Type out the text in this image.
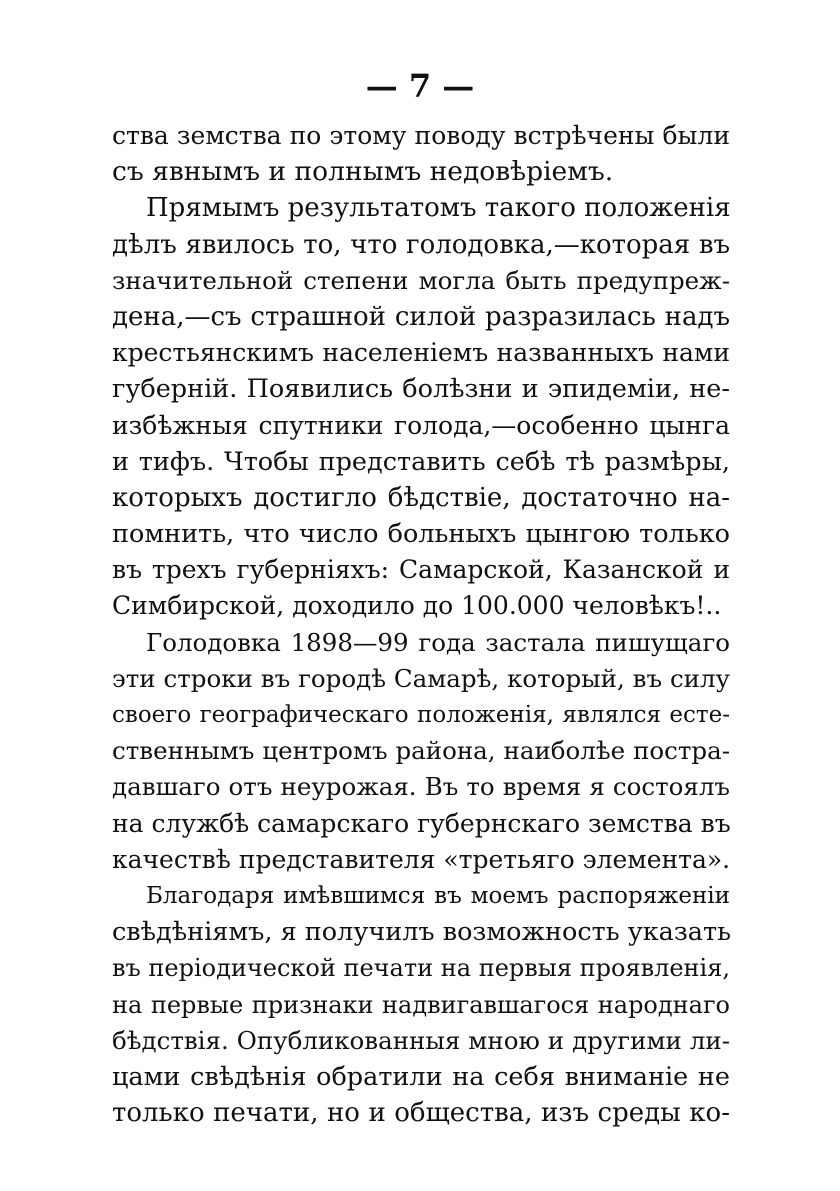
— 7 —
ства земства по этому поводу встрѣчены были
съ явнымъ и полнымъ недовѣріемъ.
Прямымъ результатомъ такого положенія
дѣлъ явилось то, что голодовка,—которая въ
значительной степени могла быть предупреж-
дена,—съ страшной силой разразилась надъ
крестьянскимъ населеніемъ названныхъ нами
губерній. Появились болѣзни и эпидеміи, не-
избѣжныя спутники голода,—особенно цынга
и тифъ. Чтобы представить себѣ тѣ размѣры,
которыхъ достигло бѣдствіе, достаточно на-
помнить, что число больныхъ цынгою только
въ трехъ губерніяхъ: Самарской, Казанской и
Симбирской, доходило до 100.000 человѣкъ!..
Голодовка 1898—99 года застала пишущаго
эти строки въ городѣ Самарѣ, который, въ силу
своего географическаго положенія, являлся есте-
ственнымъ центромъ района, наиболѣе постра-
давшаго отъ неурожая. Въ то время я состоялъ
на службѣ самарскаго губернскаго земства въ
качествѣ представителя «третьяго элемента».
Благодаря имѣвшимся въ моемъ распоряженіи
свѣдѣніямъ, я получилъ возможность указать
въ періодической печати на первыя проявленія,
на первые признаки надвигавшагося народнаго
бѣдствія. Опубликованныя мною и другими ли-
цами свѣдѣнія обратили на себя вниманіе не
только печати, но и общества, изъ среды ко-
